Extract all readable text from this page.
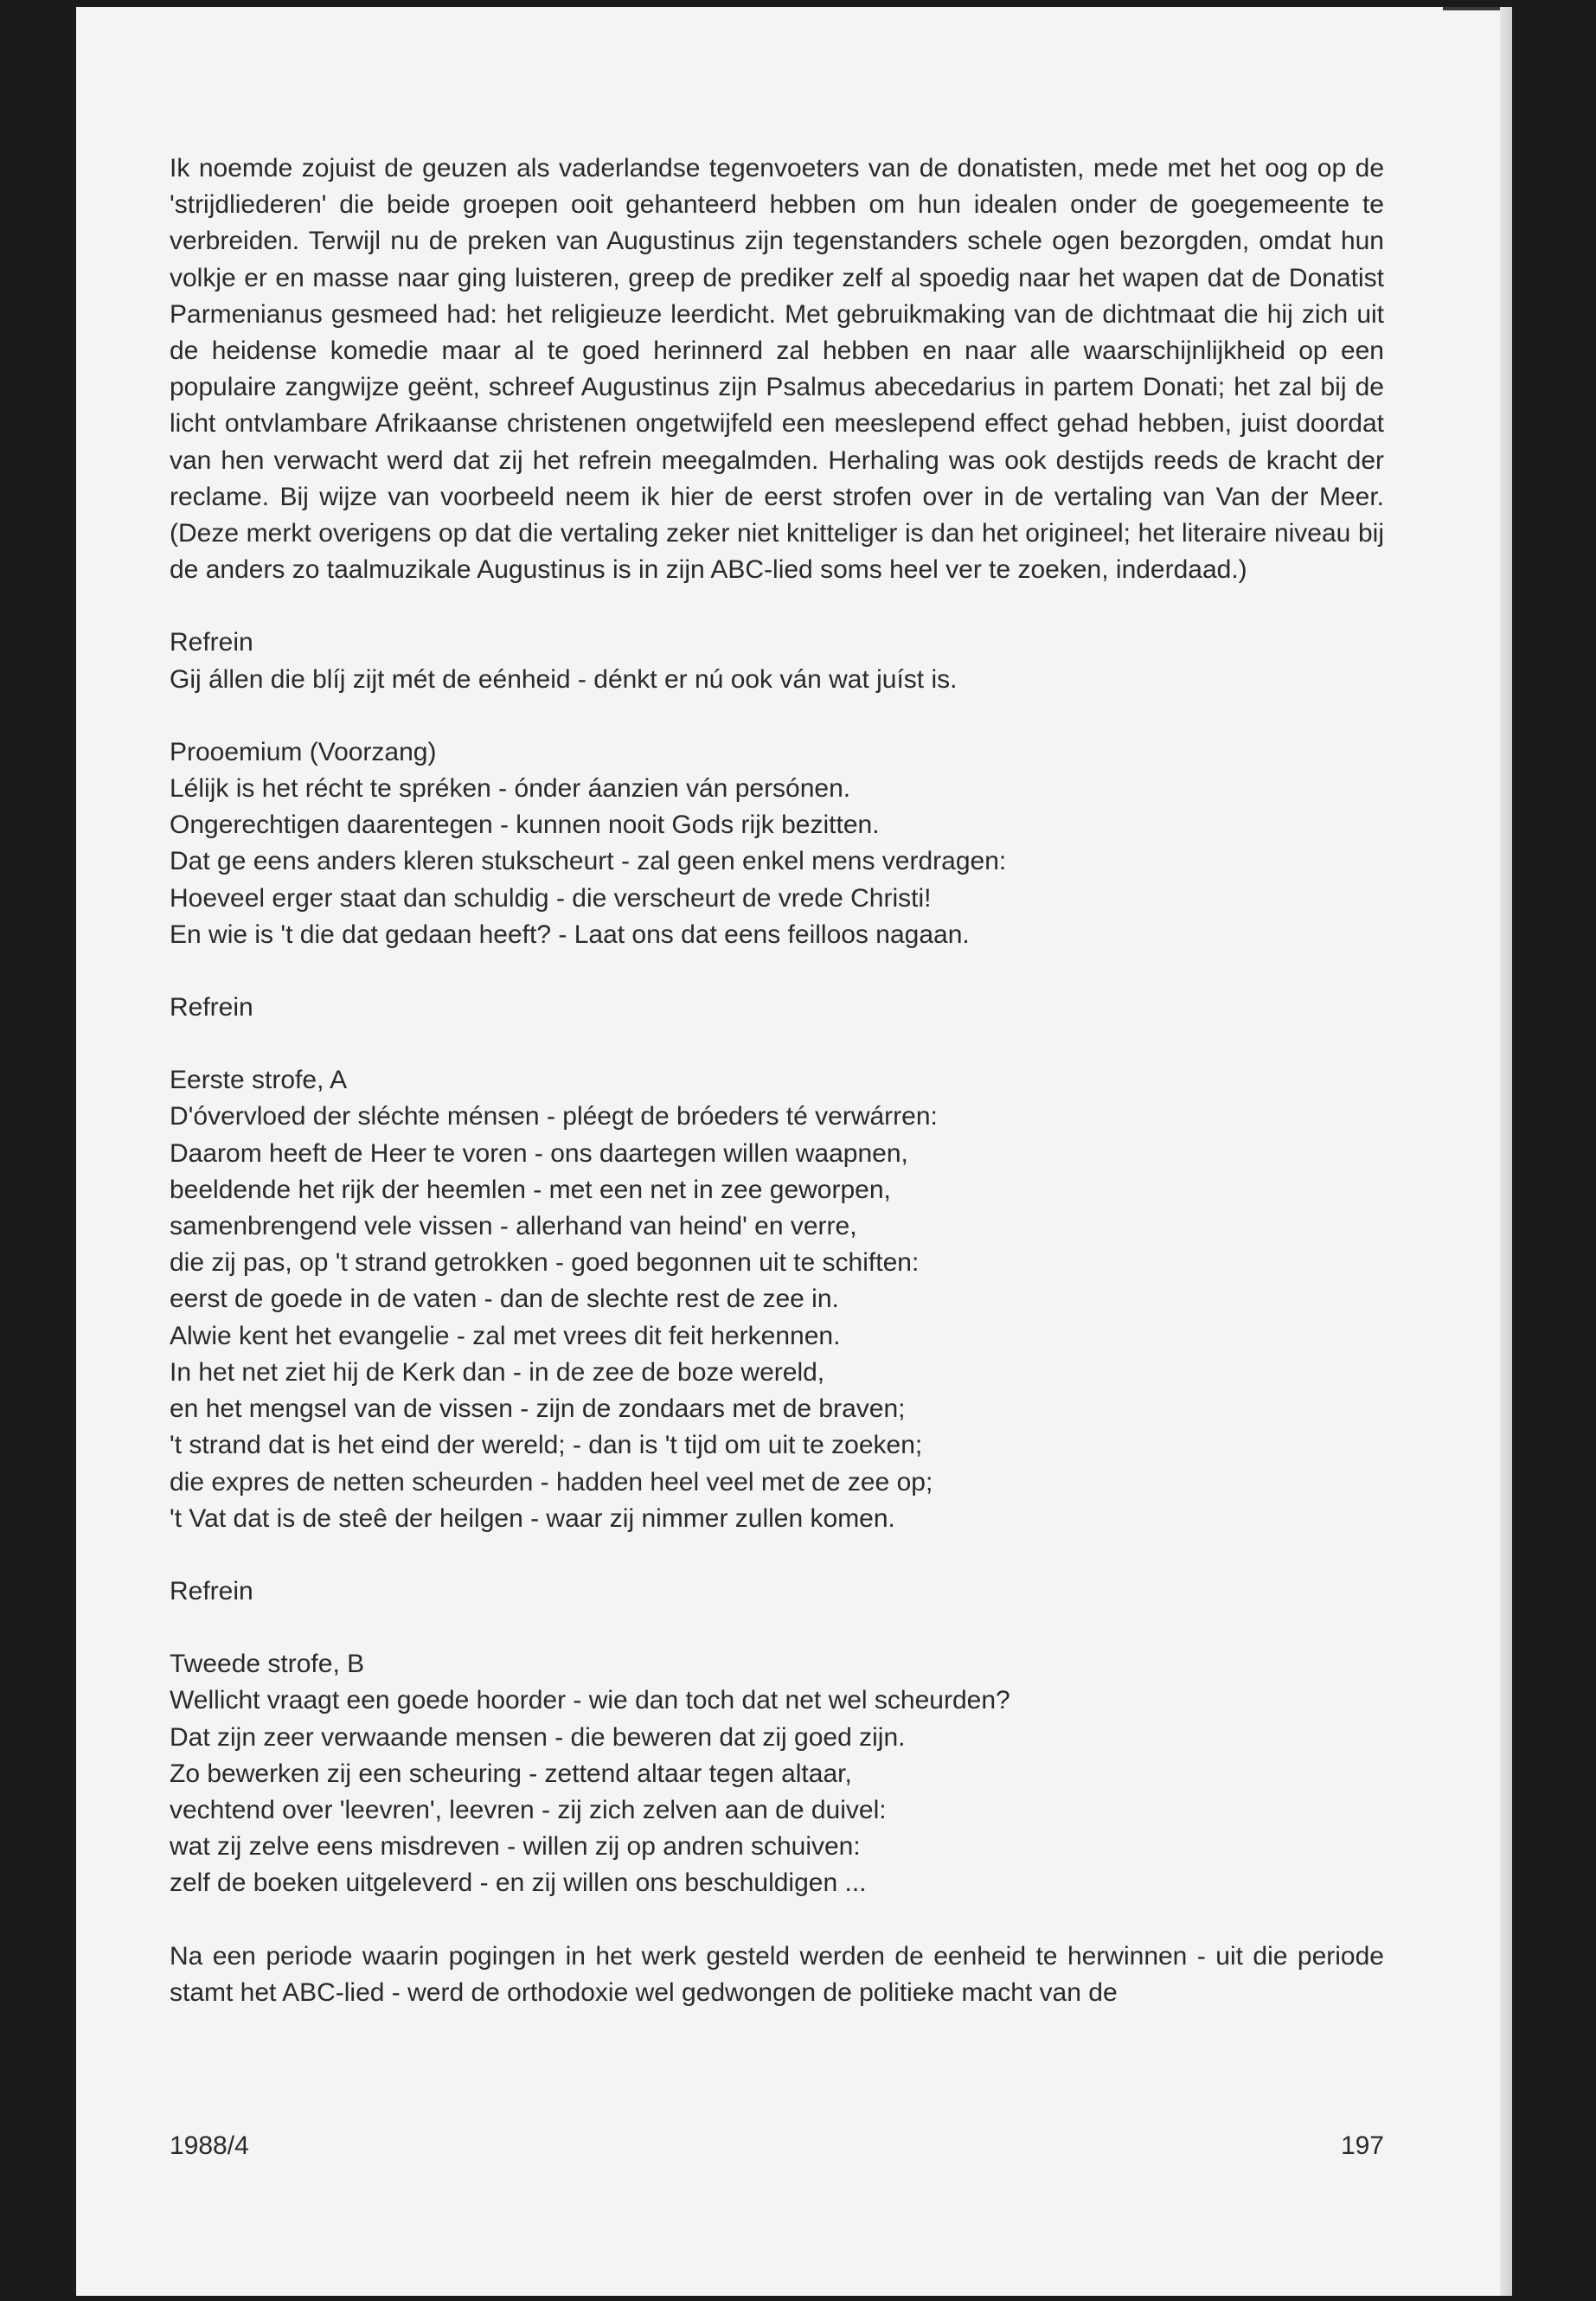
Ik noemde zojuist de geuzen als vaderlandse tegenvoeters van de donatisten, mede met het oog op de 'strijdliederen' die beide groepen ooit gehanteerd hebben om hun idealen onder de goegemeente te verbreiden. Terwijl nu de preken van Augustinus zijn tegenstanders schele ogen bezorgden, omdat hun volkje er en masse naar ging luisteren, greep de prediker zelf al spoedig naar het wapen dat de Donatist Parmenianus gesmeed had: het religieuze leerdicht. Met gebruikmaking van de dichtmaat die hij zich uit de heidense komedie maar al te goed herinnerd zal hebben en naar alle waarschijnlijkheid op een populaire zangwijze geënt, schreef Augustinus zijn Psalmus abecedarius in partem Donati; het zal bij de licht ontvlambare Afrikaanse christenen ongetwijfeld een meeslepend effect gehad hebben, juist doordat van hen verwacht werd dat zij het refrein meegalmden. Herhaling was ook destijds reeds de kracht der reclame. Bij wijze van voorbeeld neem ik hier de eerst strofen over in de vertaling van Van der Meer. (Deze merkt overigens op dat die vertaling zeker niet knitteliger is dan het origineel; het literaire niveau bij de anders zo taalmuzikale Augustinus is in zijn ABC-lied soms heel ver te zoeken, inderdaad.)

Refrein
Gij állen die blíj zijt mét de eénheid - dénkt er nú ook ván wat juíst is.
Prooemium (Voorzang)
Lélijk is het récht te spréken - ónder áanzien ván persónen.
Ongerechtigen daarentegen - kunnen nooit Gods rijk bezitten.
Dat ge eens anders kleren stukscheurt - zal geen enkel mens verdragen:
Hoeveel erger staat dan schuldig - die verscheurt de vrede Christi!
En wie is 't die dat gedaan heeft? - Laat ons dat eens feilloos nagaan.
Refrein
Eerste strofe, A
D'óvervloed der sléchte ménsen - pléegt de bróeders té verwárren:
Daarom heeft de Heer te voren - ons daartegen willen waapnen,
beeldende het rijk der heemlen - met een net in zee geworpen,
samenbrengend vele vissen - allerhand van heind' en verre,
die zij pas, op 't strand getrokken - goed begonnen uit te schiften:
eerst de goede in de vaten - dan de slechte rest de zee in.
Alwie kent het evangelie - zal met vrees dit feit herkennen.
In het net ziet hij de Kerk dan - in de zee de boze wereld,
en het mengsel van de vissen - zijn de zondaars met de braven;
't strand dat is het eind der wereld; - dan is 't tijd om uit te zoeken;
die expres de netten scheurden - hadden heel veel met de zee op;
't Vat dat is de steê der heilgen - waar zij nimmer zullen komen.
Refrein
Tweede strofe, B
Wellicht vraagt een goede hoorder - wie dan toch dat net wel scheurden?
Dat zijn zeer verwaande mensen - die beweren dat zij goed zijn.
Zo bewerken zij een scheuring - zettend altaar tegen altaar,
vechtend over 'leevren', leevren - zij zich zelven aan de duivel:
wat zij zelve eens misdreven - willen zij op andren schuiven:
zelf de boeken uitgeleverd - en zij willen ons beschuldigen ...

Na een periode waarin pogingen in het werk gesteld werden de eenheid te herwinnen - uit die periode stamt het ABC-lied - werd de orthodoxie wel gedwongen de politieke macht van de

1988/4	197
